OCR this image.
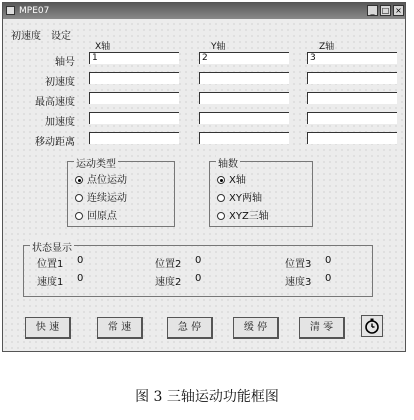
MPE07	_ □ ×
初速度 设定
X轴	Y轴	Z轴
轴号	1	2	3
初速度
最高速度
加速度
移动距离
运动类型
点位运动
连续运动
回原点
轴数
X轴
XY两轴
XYZ三轴
状态显示
位置1 0	位置2 0	位置3 0
速度1 0	速度2 0	速度3 0
快 速	常 速	急 停	缓 停	清 零
图 3 三轴运动功能框图
